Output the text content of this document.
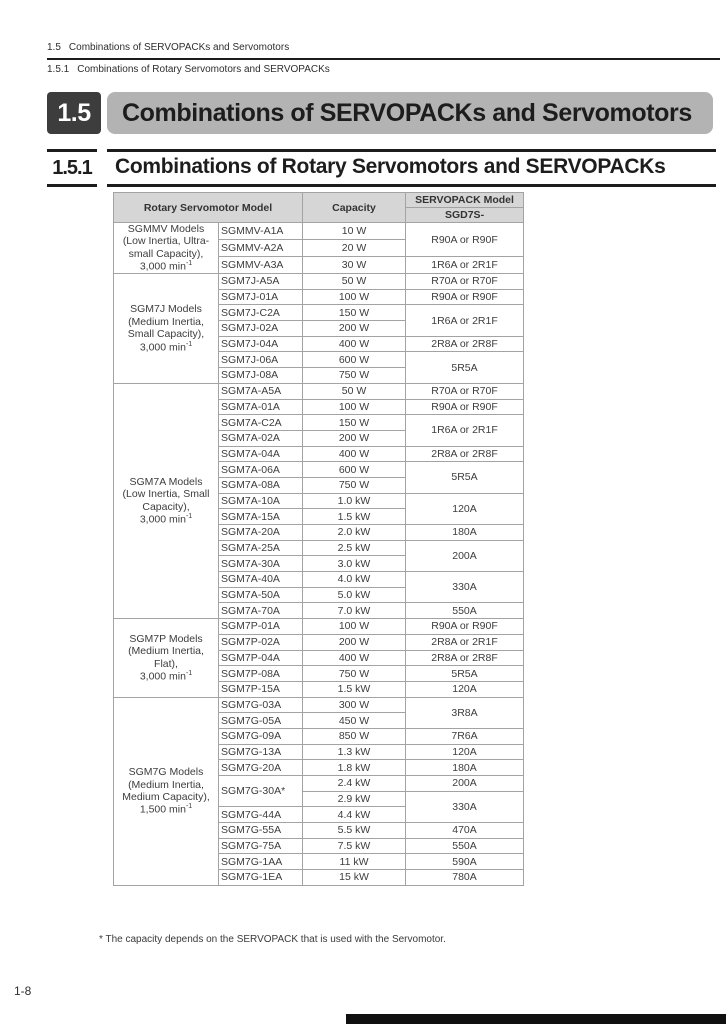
1.5 Combinations of SERVOPACKs and Servomotors
1.5.1 Combinations of Rotary Servomotors and SERVOPACKs
1.5	Combinations of SERVOPACKs and Servomotors
1.5.1 Combinations of Rotary Servomotors and SERVOPACKs
Rotary Servomotor Model		Capacity	SERVOPACK Model
			SGD7S-

SGMMV Models
(Low Inertia, Ultra-
small Capacity),
3,000 $\min^{-1}$	SGMMV-A1A	10 W	R90A or R90F
	SGMMV-A2A	20 W	
	SGMMV-A3A	30 W	1R6A or 2R1F

SGM7J Models
(Medium Inertia,
Small Capacity),
3,000 $\min^{-1}$	SGM7J-A5A	50 W	R70A or R70F
	SGM7J-01A	100 W	R90A or R90F
	SGM7J-C2A	150 W	1R6A or 2R1F
	SGM7J-02A	200 W	
	SGM7J-04A	400 W	2R8A or 2R8F
	SGM7J-06A	600 W	5R5A
	SGM7J-08A	750 W	

SGM7A Models
(Low Inertia, Small
Capacity),
3,000 $\min^{-1}$	SGM7A-A5A	50 W	R70A or R70F
	SGM7A-01A	100 W	R90A or R90F
	SGM7A-C2A	150 W	1R6A or 2R1F
	SGM7A-02A	200 W	
	SGM7A-04A	400 W	2R8A or 2R8F
	SGM7A-06A	600 W	5R5A
	SGM7A-08A	750 W	
	SGM7A-10A	1.0 kW	120A
	SGM7A-15A	1.5 kW	
	SGM7A-20A	2.0 kW	180A
	SGM7A-25A	2.5 kW	200A
	SGM7A-30A	3.0 kW	
	SGM7A-40A	4.0 kW	330A
	SGM7A-50A	5.0 kW	
	SGM7A-70A	7.0 kW	550A

SGM7P Models
(Medium Inertia,
Flat),
3,000 $\min^{-1}$	SGM7P-01A	100 W	R90A or R90F
	SGM7P-02A	200 W	2R8A or 2R1F
	SGM7P-04A	400 W	2R8A or 2R8F
	SGM7P-08A	750 W	5R5A
	SGM7P-15A	1.5 kW	120A

SGM7G Models
(Medium Inertia,
Medium Capacity),
1,500 $\min^{-1}$	SGM7G-03A	300 W	3R8A
	SGM7G-05A	450 W	
	SGM7G-09A	850 W	7R6A
	SGM7G-13A	1.3 kW	120A
	SGM7G-20A	1.8 kW	180A
	SGM7G-30A*	2.4 kW	200A
		2.9 kW	330A
	SGM7G-44A	4.4 kW	
	SGM7G-55A	5.5 kW	470A
	SGM7G-75A	7.5 kW	550A
	SGM7G-1AA	11 kW	590A
	SGM7G-1EA	15 kW	780A
* The capacity depends on the SERVOPACK that is used with the Servomotor.
1-8
